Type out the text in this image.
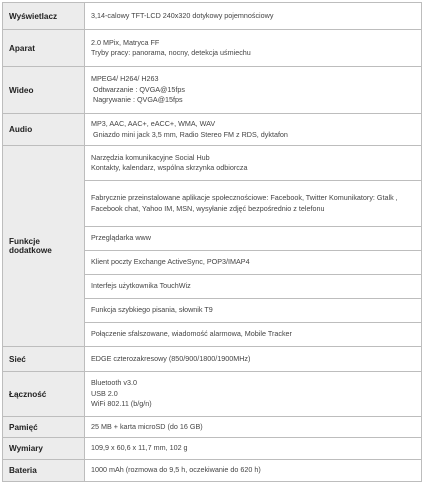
Wyświetlacz	3,14-calowy TFT-LCD 240x320 dotykowy pojemnościowy

Aparat	2.0 MPix, Matryca FF
Tryby pracy: panorama, nocny, detekcja uśmiechu

Wideo	MPEG4/ H264/ H263
Odtwarzanie : QVGA@15fps
Nagrywanie : QVGA@15fps

Audio	MP3, AAC, AAC+, eACC+, WMA, WAV
Gniazdo mini jack 3,5 mm, Radio Stereo FM z RDS, dyktafon

Funkcje dodatkowe	Narzędzia komunikacyjne Social Hub
Kontakty, kalendarz, wspólna skrzynka odbiorcza

	Fabrycznie przeinstalowane aplikacje społecznościowe: Facebook, Twitter Komunikatory: Gtalk , Facebook chat, Yahoo IM, MSN, wysyłanie zdjęć bezpośrednio z telefonu

	Przeglądarka www

	Klient poczty Exchange ActiveSync, POP3/IMAP4

	Interfejs użytkownika TouchWiz

	Funkcja szybkiego pisania, słownik T9

	Połączenie sfalszowane, wiadomość alarmowa, Mobile Tracker

Sieć	EDGE czterozakresowy (850/900/1800/1900MHz)

Łączność	Bluetooth v3.0
USB 2.0
WiFi 802.11 (b/g/n)

Pamięć	25 MB + karta microSD (do 16 GB)

Wymiary	109,9 x 60,6 x 11,7 mm, 102 g

Bateria	1000 mAh (rozmowa do 9,5 h, oczekiwanie do 620 h)
